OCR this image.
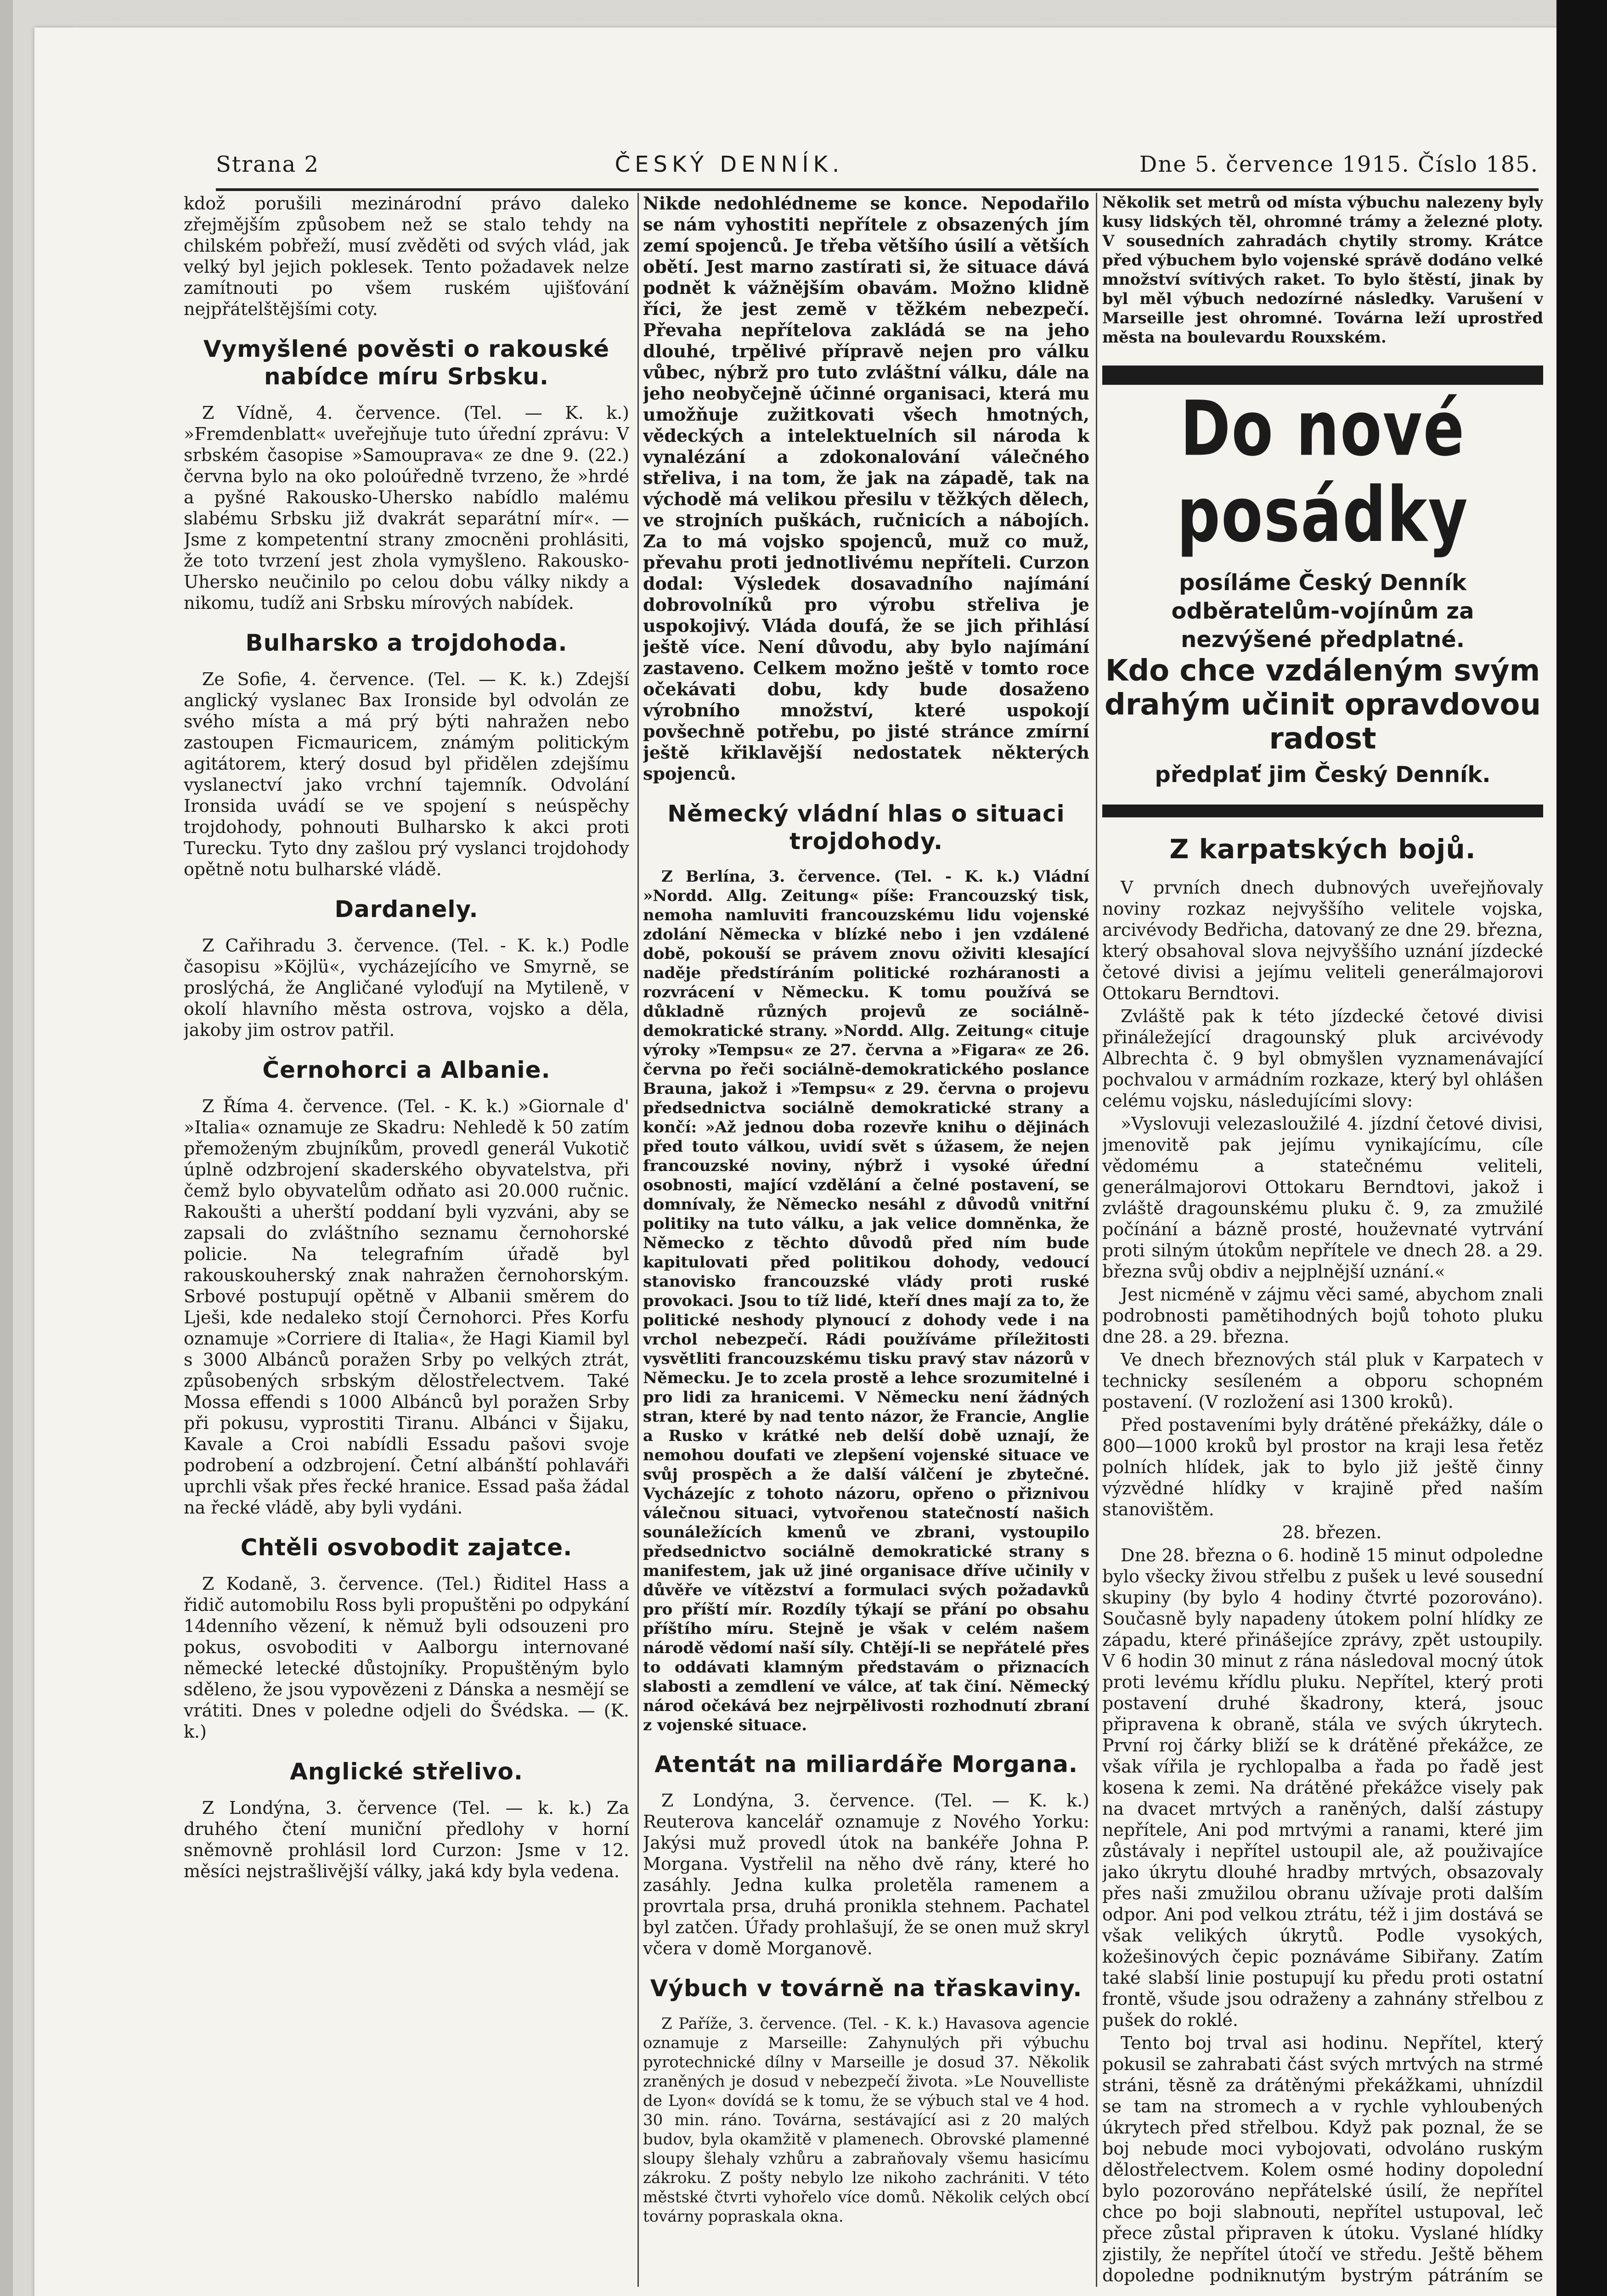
Strana 2	ČESKÝ DENNÍK.	Dne 5. července 1915. Číslo 185.

kdož porušili mezinárodní právo daleko zřejmějším způsobem než se stalo tehdy na chilském pobřeží, musí zvěděti od svých vlád, jak velký byl jejich poklesek. Tento požadavek nelze zamítnouti po všem ruském ujišťování nejpřátelštějšími coty.

Vymyšlené pověsti o rakouské nabídce míru Srbsku.

Z Vídně, 4. července. (Tel. — K. k.) »Fremdenblatt« uveřejňuje tuto úřední zprávu: V srbském časopise »Samouprava« ze dne 9. (22.) června bylo na oko poloúředně tvrzeno, že »hrdé a pyšné Rakousko-Uhersko nabídlo malému slabému Srbsku již dvakrát separátní mír«. — Jsme z kompetentní strany zmocněni prohlásiti, že toto tvrzení jest zhola vymyšleno. Rakousko-Uhersko neučinilo po celou dobu války nikdy a nikomu, tudíž ani Srbsku mírových nabídek.

Bulharsko a trojdohoda.

Ze Sofie, 4. července. (Tel. — K. k.) Zdejší anglický vyslanec Bax Ironside byl odvolán ze svého místa a má prý býti nahražen nebo zastoupen Ficmauricem, známým politickým agitátorem, který dosud byl přidělen zdejšímu vyslanectví jako vrchní tajemník. Odvolání Ironsida uvádí se ve spojení s neúspěchy trojdohody, pohnouti Bulharsko k akci proti Turecku. Tyto dny zašlou prý vyslanci trojdohody opětně notu bulharské vládě.

Dardanely.

Z Cařihradu 3. července. (Tel. - K. k.) Podle časopisu »Köjlü«, vycházejícího ve Smyrně, se proslýchá, že Angličané vyloďují na Mytileně, v okolí hlavního města ostrova, vojsko a děla, jakoby jim ostrov patřil.

Černohorci a Albanie.

Z Říma 4. července. (Tel. - K. k.) »Giornale d' »Italia« oznamuje ze Skadru: Nehledě k 50 zatím přemoženým zbujníkům, provedl generál Vukotič úplně odzbrojení skaderského obyvatelstva, při čemž bylo obyvatelům odňato asi 20.000 ručnic. Rakoušti a uherští poddaní byli vyzváni, aby se zapsali do zvláštního seznamu černohorské policie. Na telegrafním úřadě byl rakouskouherský znak nahražen černohorským. Srbové postupují opětně v Albanii směrem do Lješi, kde nedaleko stojí Černohorci. Přes Korfu oznamuje »Corriere di Italia«, že Hagi Kiamil byl s 3000 Albánců poražen Srby po velkých ztrát, způsobených srbským dělostřelectvem. Také Mossa effendi s 1000 Albánců byl poražen Srby při pokusu, vyprostiti Tiranu. Albánci v Šijaku, Kavale a Croi nabídli Essadu pašovi svoje podrobení a odzbrojení. Četní albánští pohlaváři uprchli však přes řecké hranice. Essad paša žádal na řecké vládě, aby byli vydáni.

Chtěli osvobodit zajatce.

Z Kodaně, 3. července. (Tel.) Řiditel Hass a řidič automobilu Ross byli propuštěni po odpykání 14denního vězení, k němuž byli odsouzeni pro pokus, osvoboditi v Aalborgu internované německé letecké důstojníky. Propuštěným bylo sděleno, že jsou vypovězeni z Dánska a nesmějí se vrátiti. Dnes v poledne odjeli do Švédska. — (K. k.)

Anglické střelivo.

Z Londýna, 3. července (Tel. — k. k.) Za druhého čtení muniční předlohy v horní sněmovně prohlásil lord Curzon: Jsme v 12. měsíci nejstrašlivější války, jaká kdy byla vedena.

Nikde nedohlédneme se konce. Nepodařilo se nám vyhostiti nepřítele z obsazených jím zemí spojenců. Je třeba většího úsilí a větších obětí. Jest marno zastírati si, že situace dává podnět k vážnějším obavám. Možno klidně říci, že jest země v těžkém nebezpečí. Převaha nepřítelova zakládá se na jeho dlouhé, trpělivé přípravě nejen pro válku vůbec, nýbrž pro tuto zvláštní válku, dále na jeho neobyčejně účinné organisaci, která mu umožňuje zužitkovati všech hmotných, vědeckých a intelektuelních sil národa k vynalézání a zdokonalování válečného střeliva, i na tom, že jak na západě, tak na východě má velikou přesilu v těžkých dělech, ve strojních puškách, ručnicích a nábojích. Za to má vojsko spojenců, muž co muž, převahu proti jednotlivému nepříteli. Curzon dodal: Výsledek dosavadního najímání dobrovolníků pro výrobu střeliva je uspokojivý. Vláda doufá, že se jich přihlásí ještě více. Není důvodu, aby bylo najímání zastaveno. Celkem možno ještě v tomto roce očekávati dobu, kdy bude dosaženo výrobního množství, které uspokojí povšechně potřebu, po jisté stránce zmírní ještě křiklavější nedostatek některých spojenců.

Německý vládní hlas o situaci trojdohody.

Z Berlína, 3. července. (Tel. - K. k.) Vládní »Nordd. Allg. Zeitung« píše: Francouzský tisk, nemoha namluviti francouzskému lidu vojenské zdolání Německa v blízké nebo i jen vzdálené době, pokouší se právem znovu oživiti klesající naděje předstíráním politické rozháranosti a rozvrácení v Německu. K tomu používá se důkladně různých projevů ze sociálně-demokratické strany. »Nordd. Allg. Zeitung« cituje výroky »Tempsu« ze 27. června a »Figara« ze 26. června po řeči sociálně-demokratického poslance Brauna, jakož i »Tempsu« z 29. června o projevu předsednictva sociálně demokratické strany a končí: »Až jednou doba rozevře knihu o dějinách před touto válkou, uvidí svět s úžasem, že nejen francouzské noviny, nýbrž i vysoké úřední osobnosti, mající vzdělání a čelné postavení, se domnívaly, že Německo nesáhl z důvodů vnitřní politiky na tuto válku, a jak velice domněnka, že Německo z těchto důvodů před ním bude kapitulovati před politikou dohody, vedoucí stanovisko francouzské vlády proti ruské provokaci. Jsou to tíž lidé, kteří dnes mají za to, že politické neshody plynoucí z dohody vede i na vrchol nebezpečí. Rádi používáme příležitosti vysvětliti francouzskému tisku pravý stav názorů v Německu. Je to zcela prostě a lehce srozumitelné i pro lidi za hranicemi. V Německu není žádných stran, které by nad tento názor, že Francie, Anglie a Rusko v krátké neb delší době uznají, že nemohou doufati ve zlepšení vojenské situace ve svůj prospěch a že další válčení je zbytečné. Vycházejíc z tohoto názoru, opřeno o přiznivou válečnou situaci, vytvořenou statečností našich sounáležících kmenů ve zbrani, vystoupilo předsednictvo sociálně demokratické strany s manifestem, jak už jiné organisace dříve učinily v důvěře ve vítězství a formulaci svých požadavků pro příští mír. Rozdíly týkají se přání po obsahu příštího míru. Stejně je však v celém našem národě vědomí naší síly. Chtějí-li se nepřátelé přes to oddávati klamným představám o přiznacích slabosti a zemdlení ve válce, ať tak činí. Německý národ očekává bez nejrpělivosti rozhodnutí zbraní z vojenské situace.

Atentát na miliardáře Morgana.

Z Londýna, 3. července. (Tel. — K. k.) Reuterova kancelář oznamuje z Nového Yorku: Jakýsi muž provedl útok na bankéře Johna P. Morgana. Vystřelil na něho dvě rány, které ho zasáhly. Jedna kulka proletěla ramenem a provrtala prsa, druhá pronikla stehnem. Pachatel byl zatčen. Úřady prohlašují, že se onen muž skryl včera v domě Morganově.

Výbuch v továrně na třaskaviny.

Z Paříže, 3. července. (Tel. - K. k.) Havasova agencie oznamuje z Marseille: Zahynulých při výbuchu pyrotechnické dílny v Marseille je dosud 37. Několik zraněných je dosud v nebezpečí života. »Le Nouvelliste de Lyon« dovídá se k tomu, že se výbuch stal ve 4 hod. 30 min. ráno. Továrna, sestávající asi z 20 malých budov, byla okamžitě v plamenech. Obrovské plamenné sloupy šlehaly vzhůru a zabraňovaly všemu hasicímu zákroku. Z pošty nebylo lze nikoho zachrániti. V této městské čtvrti vyhořelo více domů. Několik celých obcí továrny popraskala okna.

Několik set metrů od místa výbuchu nalezeny byly kusy lidských těl, ohromné trámy a železné ploty. V sousedních zahradách chytily stromy. Krátce před výbuchem bylo vojenské správě dodáno velké množství svítivých raket. To bylo štěstí, jinak by byl měl výbuch nedozírné následky. Varušení v Marseille jest ohromné. Továrna leží uprostřed města na boulevardu Rouxském.

Do nové posádky
posíláme Český Denník
odběratelům-vojínům za
nezvýšené předplatné.
Kdo chce vzdáleným svým
drahým učinit opravdovou
radost
předplať jim Český Denník.
Z karpatských bojů.

V prvních dnech dubnových uveřejňovaly noviny rozkaz nejvyššího velitele vojska, arcivévody Bedřicha, datovaný ze dne 29. března, který obsahoval slova nejvyššího uznání jízdecké četové divisi a jejímu veliteli generálmajorovi Ottokaru Berndtovi.

Zvláště pak k této jízdecké četové divisi přináležející dragounský pluk arcivévody Albrechta č. 9 byl obmyšlen vyznamenávající pochvalou v armádním rozkaze, který byl ohlášen celému vojsku, následujícími slovy:

»Vyslovuji velezasloužilé 4. jízdní četové divisi, jmenovitě pak jejímu vynikajícímu, cíle vědomému a statečnému veliteli, generálmajorovi Ottokaru Berndtovi, jakož i zvláště dragounskému pluku č. 9, za zmužilé počínání a bázně prosté, houževnaté vytrvání proti silným útokům nepřítele ve dnech 28. a 29. března svůj obdiv a nejplnější uznání.«

Jest nicméně v zájmu věci samé, abychom znali podrobnosti pamětihodných bojů tohoto pluku dne 28. a 29. března.

Ve dnech březnových stál pluk v Karpatech v technicky sesíleném a obporu schopném postavení. (V rozložení asi 1300 kroků).

Před postaveními byly drátěné překážky, dále o 800—1000 kroků byl prostor na kraji lesa řetěz polních hlídek, jak to bylo již ještě činny výzvědné hlídky v krajině před naším stanovištěm.

28. březen.

Dne 28. března o 6. hodině 15 minut odpoledne bylo všecky živou střelbu z pušek u levé sousední skupiny (by bylo 4 hodiny čtvrté pozorováno). Současně byly napadeny útokem polní hlídky ze západu, které přinášejíce zprávy, zpět ustoupily. V 6 hodin 30 minut z rána následoval mocný útok proti levému křídlu pluku. Nepřítel, který proti postavení druhé škadrony, která, jsouc připravena k obraně, stála ve svých úkrytech. První roj čárky bliží se k drátěné překážce, ze však vířila je rychlopalba a řada po řadě jest kosena k zemi. Na drátěné překážce visely pak na dvacet mrtvých a raněných, další zástupy nepřítele, Ani pod mrtvými a ranami, které jim zůstávaly i nepřítel ustoupil ale, až použivajíce jako úkrytu dlouhé hradby mrtvých, obsazovaly přes naši zmužilou obranu užívaje proti dalším odpor. Ani pod velkou ztrátu, též i jim dostává se však velikých úkrytů. Podle vysokých, kožešinových čepic poznáváme Sibiřany. Zatím také slabší linie postupují ku předu proti ostatní frontě, všude jsou odraženy a zahnány střelbou z pušek do roklé.

Tento boj trval asi hodinu. Nepřítel, který pokusil se zahrabati část svých mrtvých na strmé stráni, těsně za drátěnými překážkami, uhnízdil se tam na stromech a v rychle vyhloubených úkrytech před střelbou. Když pak poznal, že se boj nebude moci vybojovati, odvoláno ruským dělostřelectvem. Kolem osmé hodiny dopolední bylo pozorováno nepřátelské úsilí, že nepřítel chce po boji slabnouti, nepřítel ustupoval, leč přece zůstal připraven k útoku. Vyslané hlídky zjistily, že nepřítel útočí ve středu. Ještě během dopoledne podniknutým bystrým pátráním se
